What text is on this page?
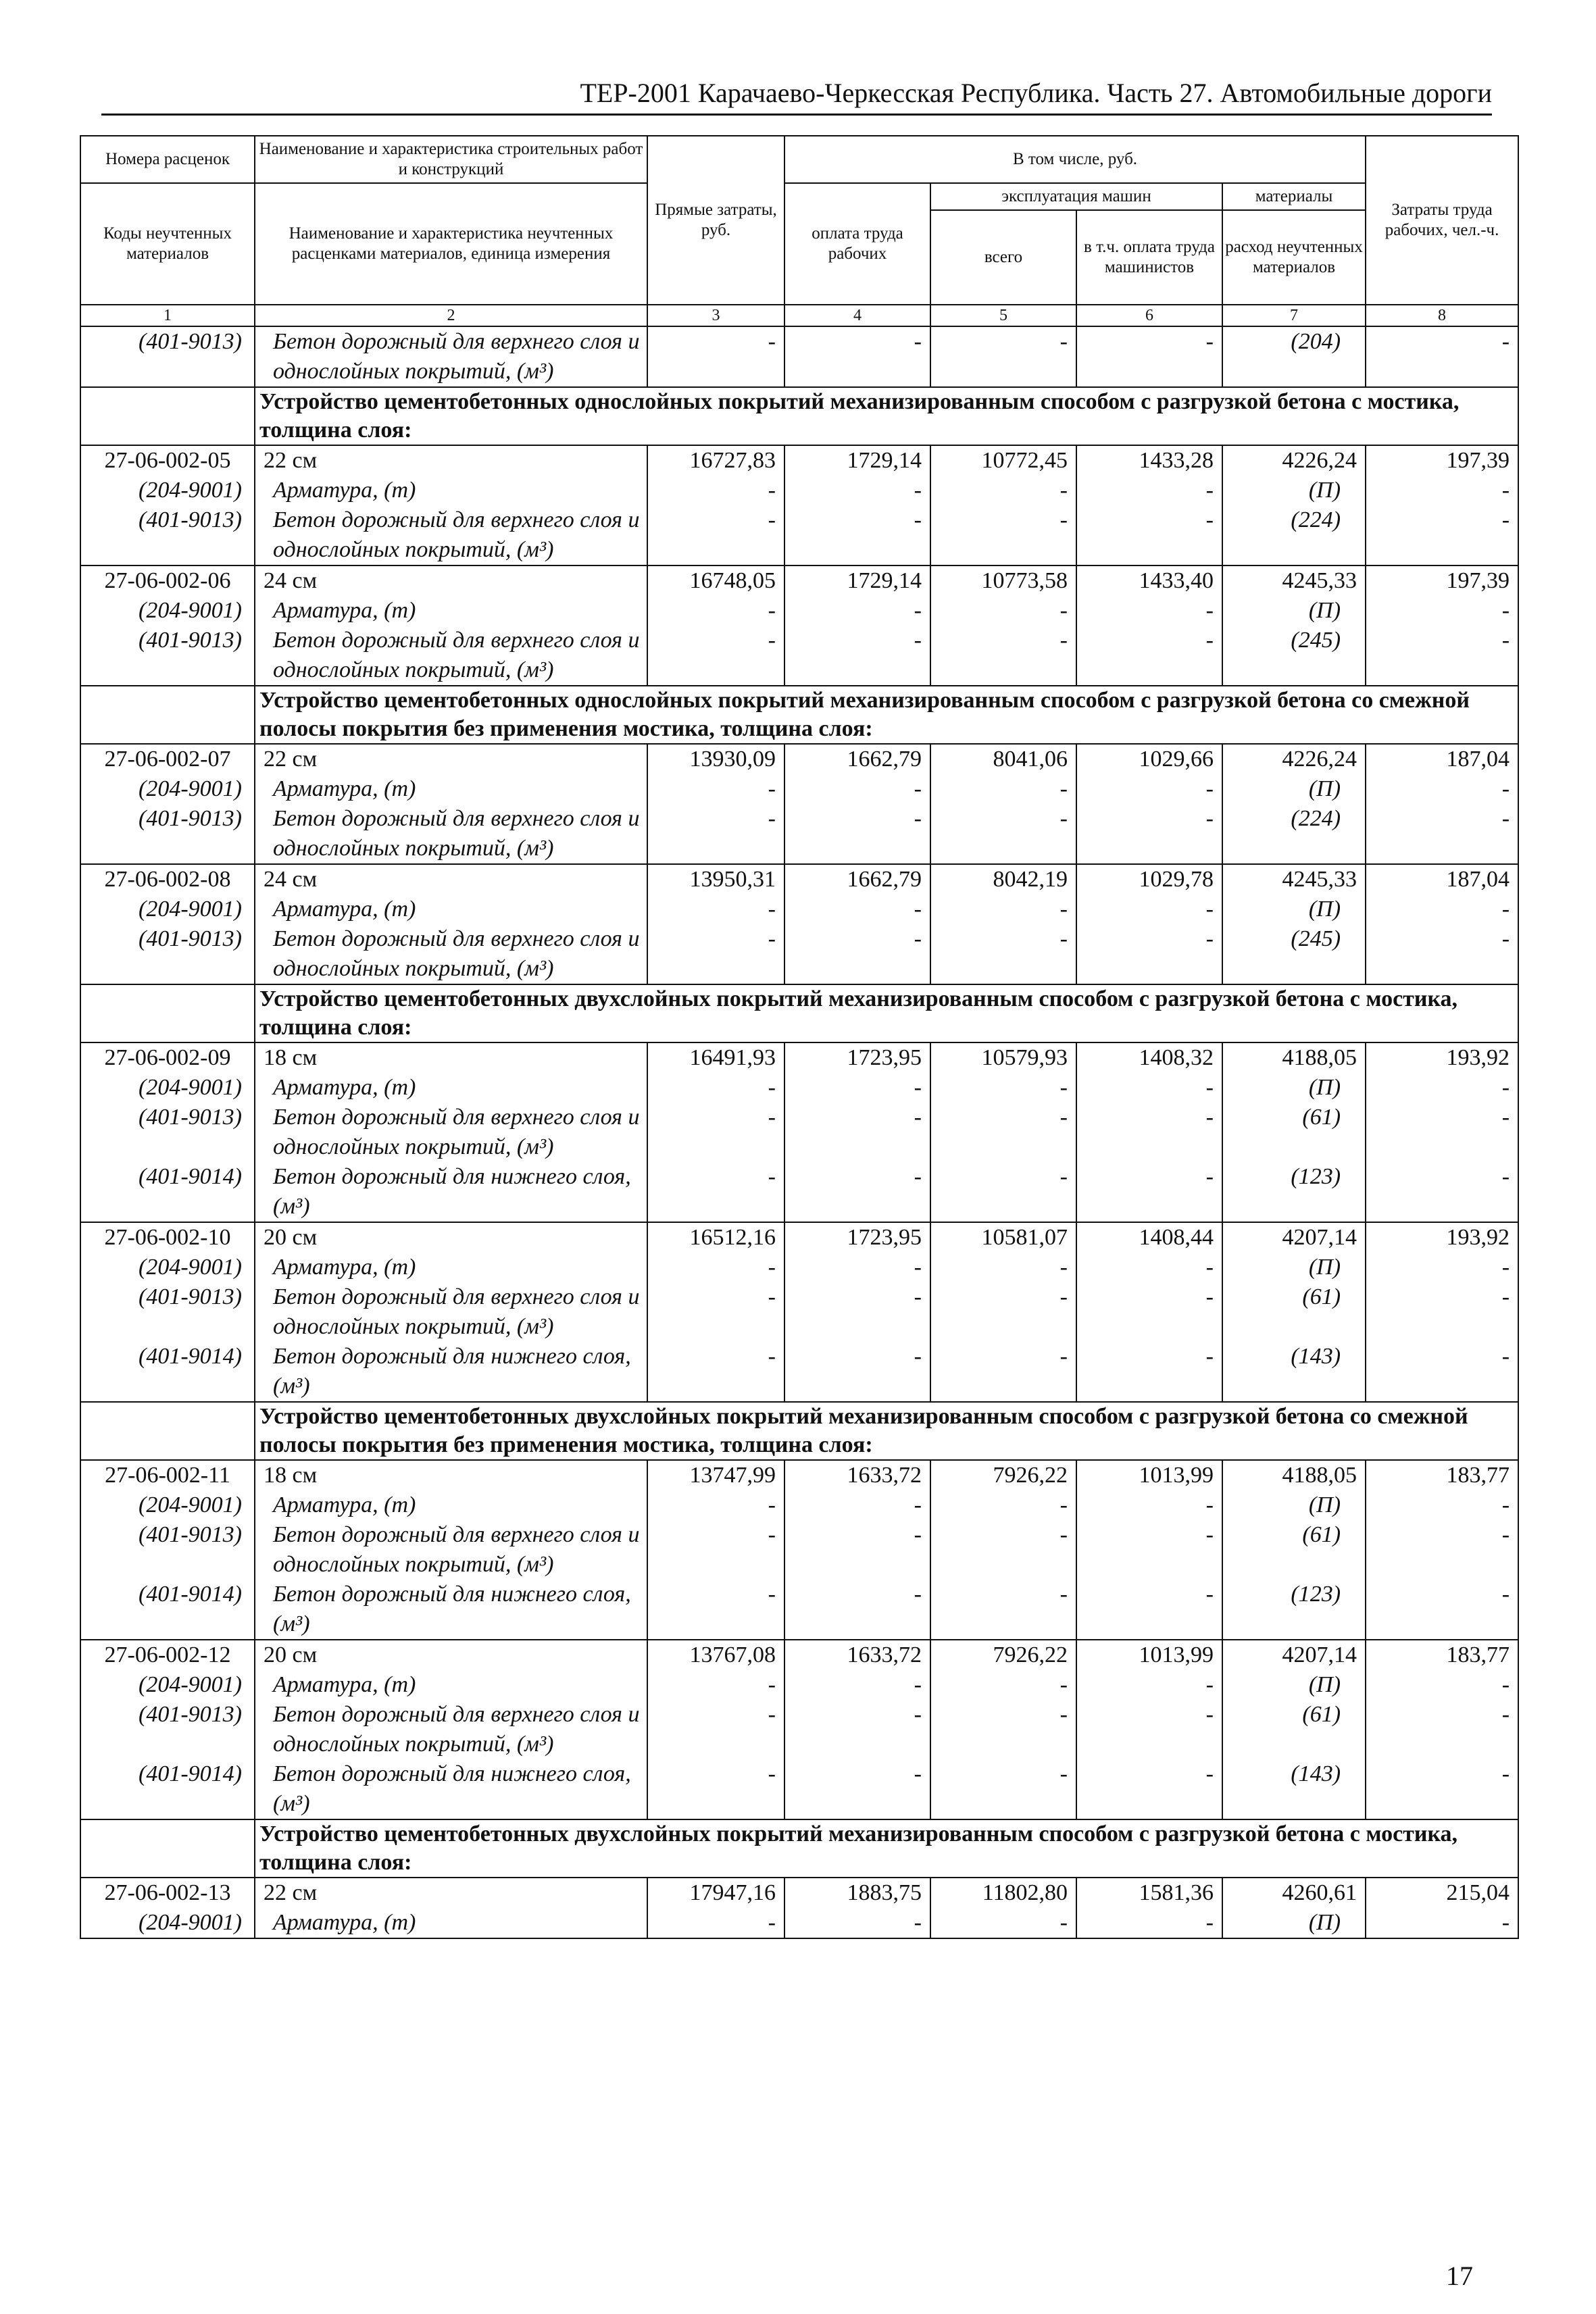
ТЕР-2001 Карачаево-Черкесская Республика. Часть 27. Автомобильные дороги
Номера расценок	Наименование и характеристика строительных работ и конструкций	Прямые затраты, руб.	В том числе, руб.				Затраты труда рабочих, чел.-ч.
Коды неучтенных материалов	Наименование и характеристика неучтенных расценками материалов, единица измерения		оплата труда рабочих	эксплуатация машин		материалы	
				всего	в т.ч. оплата труда машинистов	расход неучтенных материалов	
1	2	3	4	5	6	7	8
(401-9013)	Бетон дорожный для верхнего слоя и однослойных покрытий, (м³)	-	-	-	-	(204)	-
	Устройство цементобетонных однослойных покрытий механизированным способом с разгрузкой бетона с мостика, толщина слоя:						
27-06-002-05	22 см	16727,83	1729,14	10772,45	1433,28	4226,24	197,39
(204-9001)	Арматура, (т)	-	-	-	-	(П)	-
(401-9013)	Бетон дорожный для верхнего слоя и однослойных покрытий, (м³)	-	-	-	-	(224)	-
27-06-002-06	24 см	16748,05	1729,14	10773,58	1433,40	4245,33	197,39
(204-9001)	Арматура, (т)	-	-	-	-	(П)	-
(401-9013)	Бетон дорожный для верхнего слоя и однослойных покрытий, (м³)	-	-	-	-	(245)	-
	Устройство цементобетонных однослойных покрытий механизированным способом с разгрузкой бетона со смежной полосы покрытия без применения мостика, толщина слоя:						
27-06-002-07	22 см	13930,09	1662,79	8041,06	1029,66	4226,24	187,04
(204-9001)	Арматура, (т)	-	-	-	-	(П)	-
(401-9013)	Бетон дорожный для верхнего слоя и однослойных покрытий, (м³)	-	-	-	-	(224)	-
27-06-002-08	24 см	13950,31	1662,79	8042,19	1029,78	4245,33	187,04
(204-9001)	Арматура, (т)	-	-	-	-	(П)	-
(401-9013)	Бетон дорожный для верхнего слоя и однослойных покрытий, (м³)	-	-	-	-	(245)	-
	Устройство цементобетонных двухслойных покрытий механизированным способом с разгрузкой бетона с мостика, толщина слоя:						
27-06-002-09	18 см	16491,93	1723,95	10579,93	1408,32	4188,05	193,92
(204-9001)	Арматура, (т)	-	-	-	-	(П)	-
(401-9013)	Бетон дорожный для верхнего слоя и однослойных покрытий, (м³)	-	-	-	-	(61)	-
(401-9014)	Бетон дорожный для нижнего слоя, (м³)	-	-	-	-	(123)	-
27-06-002-10	20 см	16512,16	1723,95	10581,07	1408,44	4207,14	193,92
(204-9001)	Арматура, (т)	-	-	-	-	(П)	-
(401-9013)	Бетон дорожный для верхнего слоя и однослойных покрытий, (м³)	-	-	-	-	(61)	-
(401-9014)	Бетон дорожный для нижнего слоя, (м³)	-	-	-	-	(143)	-
	Устройство цементобетонных двухслойных покрытий механизированным способом с разгрузкой бетона со смежной полосы покрытия без применения мостика, толщина слоя:						
27-06-002-11	18 см	13747,99	1633,72	7926,22	1013,99	4188,05	183,77
(204-9001)	Арматура, (т)	-	-	-	-	(П)	-
(401-9013)	Бетон дорожный для верхнего слоя и однослойных покрытий, (м³)	-	-	-	-	(61)	-
(401-9014)	Бетон дорожный для нижнего слоя, (м³)	-	-	-	-	(123)	-
27-06-002-12	20 см	13767,08	1633,72	7926,22	1013,99	4207,14	183,77
(204-9001)	Арматура, (т)	-	-	-	-	(П)	-
(401-9013)	Бетон дорожный для верхнего слоя и однослойных покрытий, (м³)	-	-	-	-	(61)	-
(401-9014)	Бетон дорожный для нижнего слоя, (м³)	-	-	-	-	(143)	-
	Устройство цементобетонных двухслойных покрытий механизированным способом с разгрузкой бетона с мостика, толщина слоя:						
27-06-002-13	22 см	17947,16	1883,75	11802,80	1581,36	4260,61	215,04
(204-9001)	Арматура, (т)	-	-	-	-	(П)	-
17
